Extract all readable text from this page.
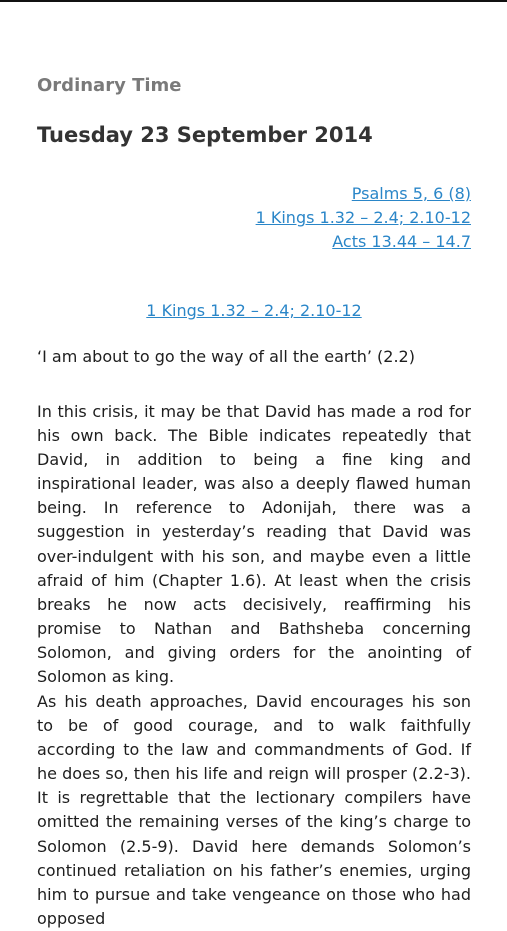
Ordinary Time
Tuesday 23 September 2014
Psalms 5, 6 (8)
1 Kings 1.32 – 2.4; 2.10-12
Acts 13.44 – 14.7
1 Kings 1.32 – 2.4; 2.10-12

‘I am about to go the way of all the earth’ (2.2)

In this crisis, it may be that David has made a rod for his own back. The Bible indicates repeatedly that David, in addition to being a fine king and inspirational leader, was also a deeply flawed human being. In reference to Adonijah, there was a suggestion in yesterday’s reading that David was over-indulgent with his son, and maybe even a little afraid of him (Chapter 1.6). At least when the crisis breaks he now acts decisively, reaffirming his promise to Nathan and Bathsheba concerning Solomon, and giving orders for the anointing of Solomon as king.

As his death approaches, David encourages his son to be of good courage, and to walk faithfully according to the law and commandments of God. If he does so, then his life and reign will prosper (2.2-3). It is regrettable that the lectionary compilers have omitted the remaining verses of the king’s charge to Solomon (2.5-9). David here demands Solomon’s continued retaliation on his father’s enemies, urging him to pursue and take vengeance on those who had opposed
